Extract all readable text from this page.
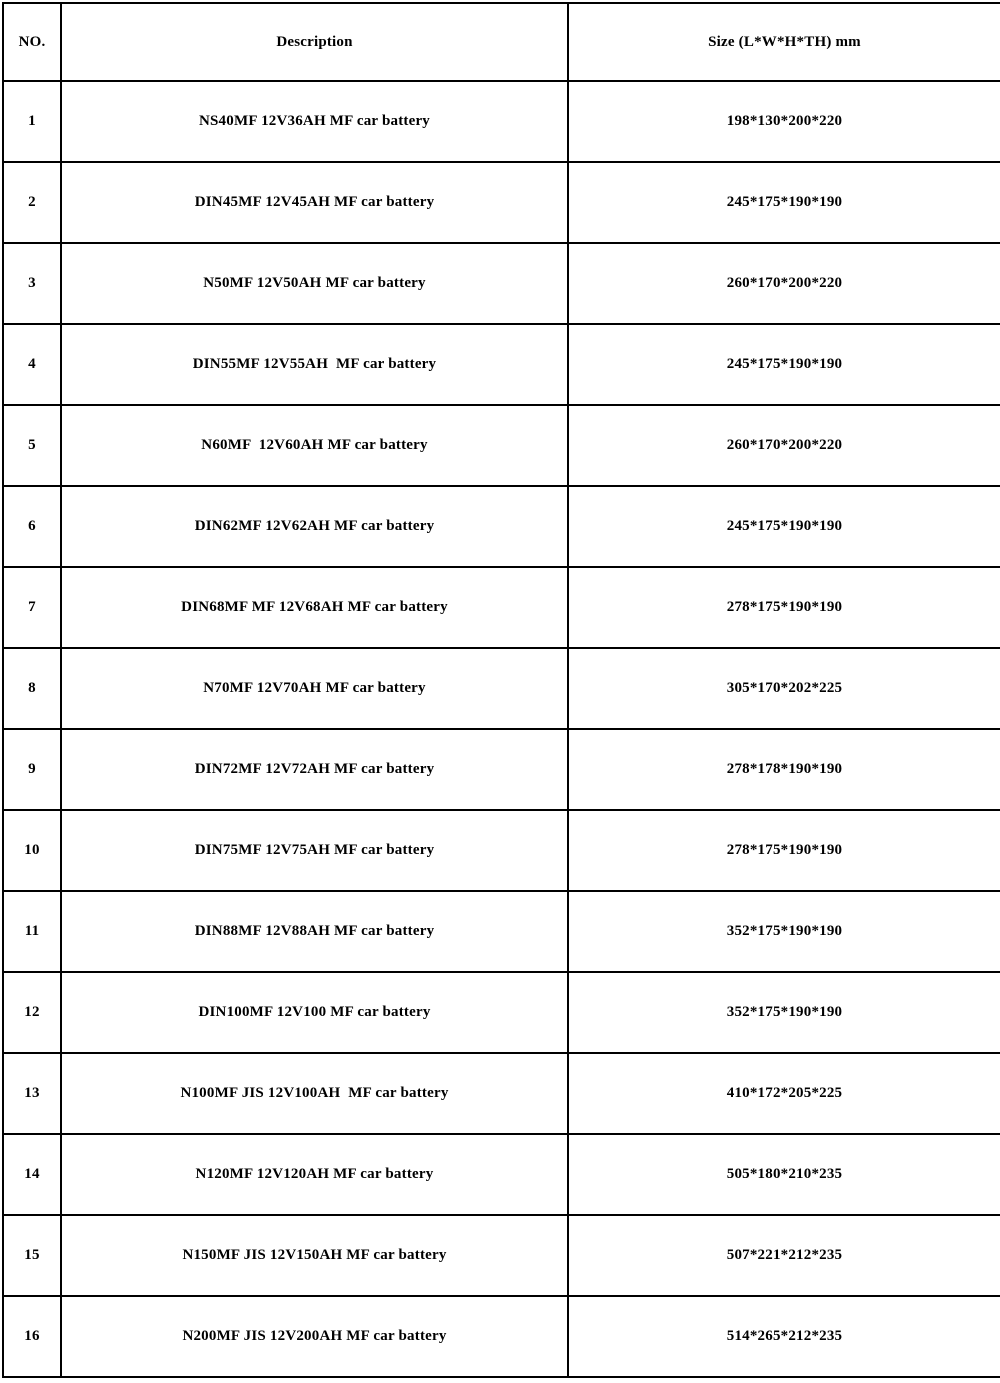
NO.	Description	Size (L*W*H*TH) mm
1	NS40MF 12V36AH MF car battery	198*130*200*220
2	DIN45MF 12V45AH MF car battery	245*175*190*190
3	N50MF 12V50AH MF car battery	260*170*200*220
4	DIN55MF 12V55AH  MF car battery	245*175*190*190
5	N60MF  12V60AH MF car battery	260*170*200*220
6	DIN62MF 12V62AH MF car battery	245*175*190*190
7	DIN68MF MF 12V68AH MF car battery	278*175*190*190
8	N70MF 12V70AH MF car battery	305*170*202*225
9	DIN72MF 12V72AH MF car battery	278*178*190*190
10	DIN75MF 12V75AH MF car battery	278*175*190*190
11	DIN88MF 12V88AH MF car battery	352*175*190*190
12	DIN100MF 12V100 MF car battery	352*175*190*190
13	N100MF JIS 12V100AH  MF car battery	410*172*205*225
14	N120MF 12V120AH MF car battery	505*180*210*235
15	N150MF JIS 12V150AH MF car battery	507*221*212*235
16	N200MF JIS 12V200AH MF car battery	514*265*212*235
